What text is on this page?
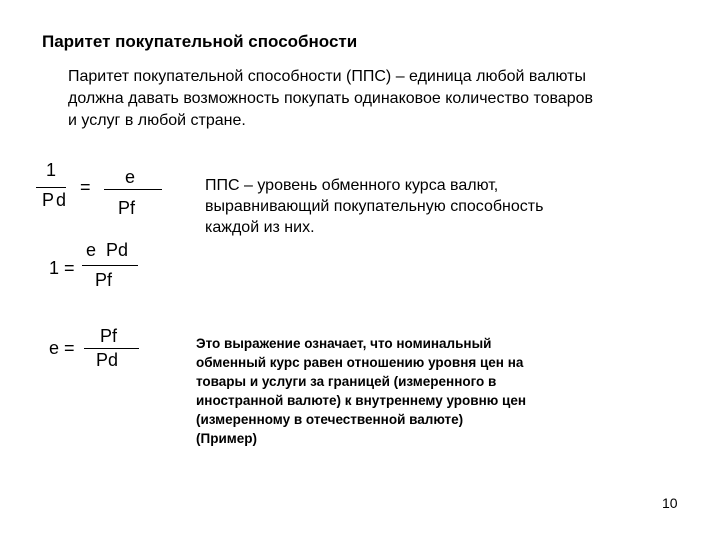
Паритет покупательной способности
Паритет покупательной способности (ППС) – единица любой валюты
должна давать возможность покупать одинаковое количество товаров
и услуг в любой стране.
1
Pd
= e
Pf
1 =
e  Pd
Pf
e =
Pf
Pd
ППС – уровень обменного курса валют,
выравнивающий покупательную способность
каждой из них.
Это выражение означает, что номинальный
обменный курс равен отношению уровня цен на
товары и услуги за границей (измеренного в
иностранной валюте) к внутреннему уровню цен
(измеренному в отечественной валюте)
(Пример)
10
